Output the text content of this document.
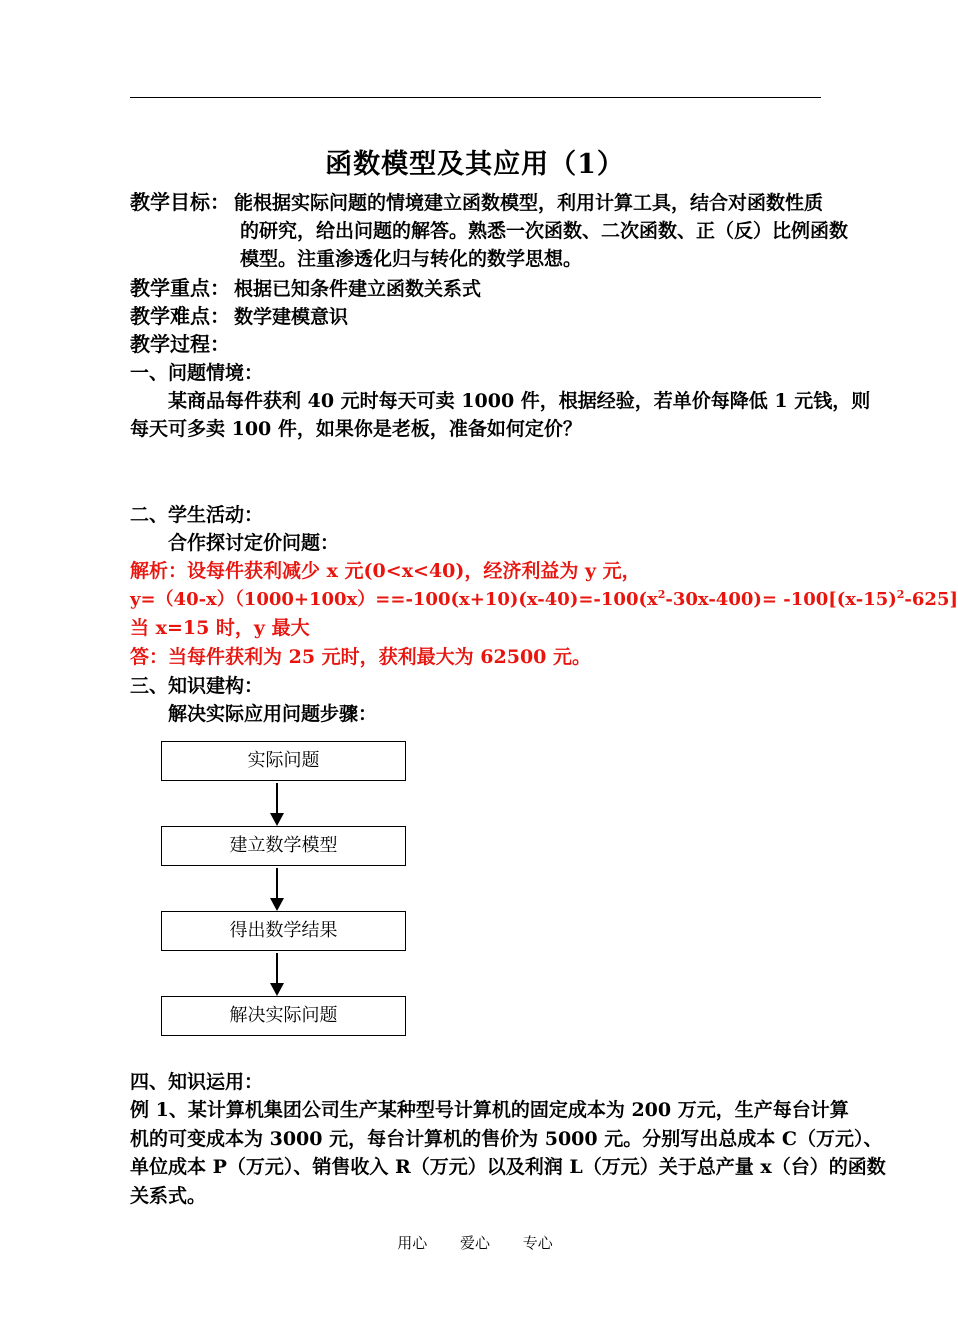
函数模型及其应用（1）
教学目标： 能根据实际问题的情境建立函数模型，利用计算工具，结合对函数性质
的研究，给出问题的解答。熟悉一次函数、二次函数、正（反）比例函数
模型。注重渗透化归与转化的数学思想。
教学重点： 根据已知条件建立函数关系式
教学难点： 数学建模意识
教学过程：
一、问题情境：
某商品每件获利 40 元时每天可卖 1000 件，根据经验，若单价每降低 1 元钱，则
每天可多卖 100 件，如果你是老板，准备如何定价？
二、学生活动：
合作探讨定价问题：
解析：设每件获利减少 x 元(0<x<40)，经济利益为 y 元，
$y=(40-x)(1000+100x)==-100(x+10)(x-40)=-100(x^2-30x-400)= -100[(x-15)^2-625]$
当 x=15 时，y 最大
答：当每件获利为 25 元时，获利最大为 62500 元。
三、知识建构：
解决实际应用问题步骤：
实际问题
建立数学模型
得出数学结果
解决实际问题
四、知识运用：
例 1、某计算机集团公司生产某种型号计算机的固定成本为 200 万元，生产每台计算
机的可变成本为 3000 元，每台计算机的售价为 5000 元。分别写出总成本 C（万元）、
单位成本 P（万元）、销售收入 R（万元）以及利润 L（万元）关于总产量 x（台）的函数
关系式。
用心 爱心 专心
